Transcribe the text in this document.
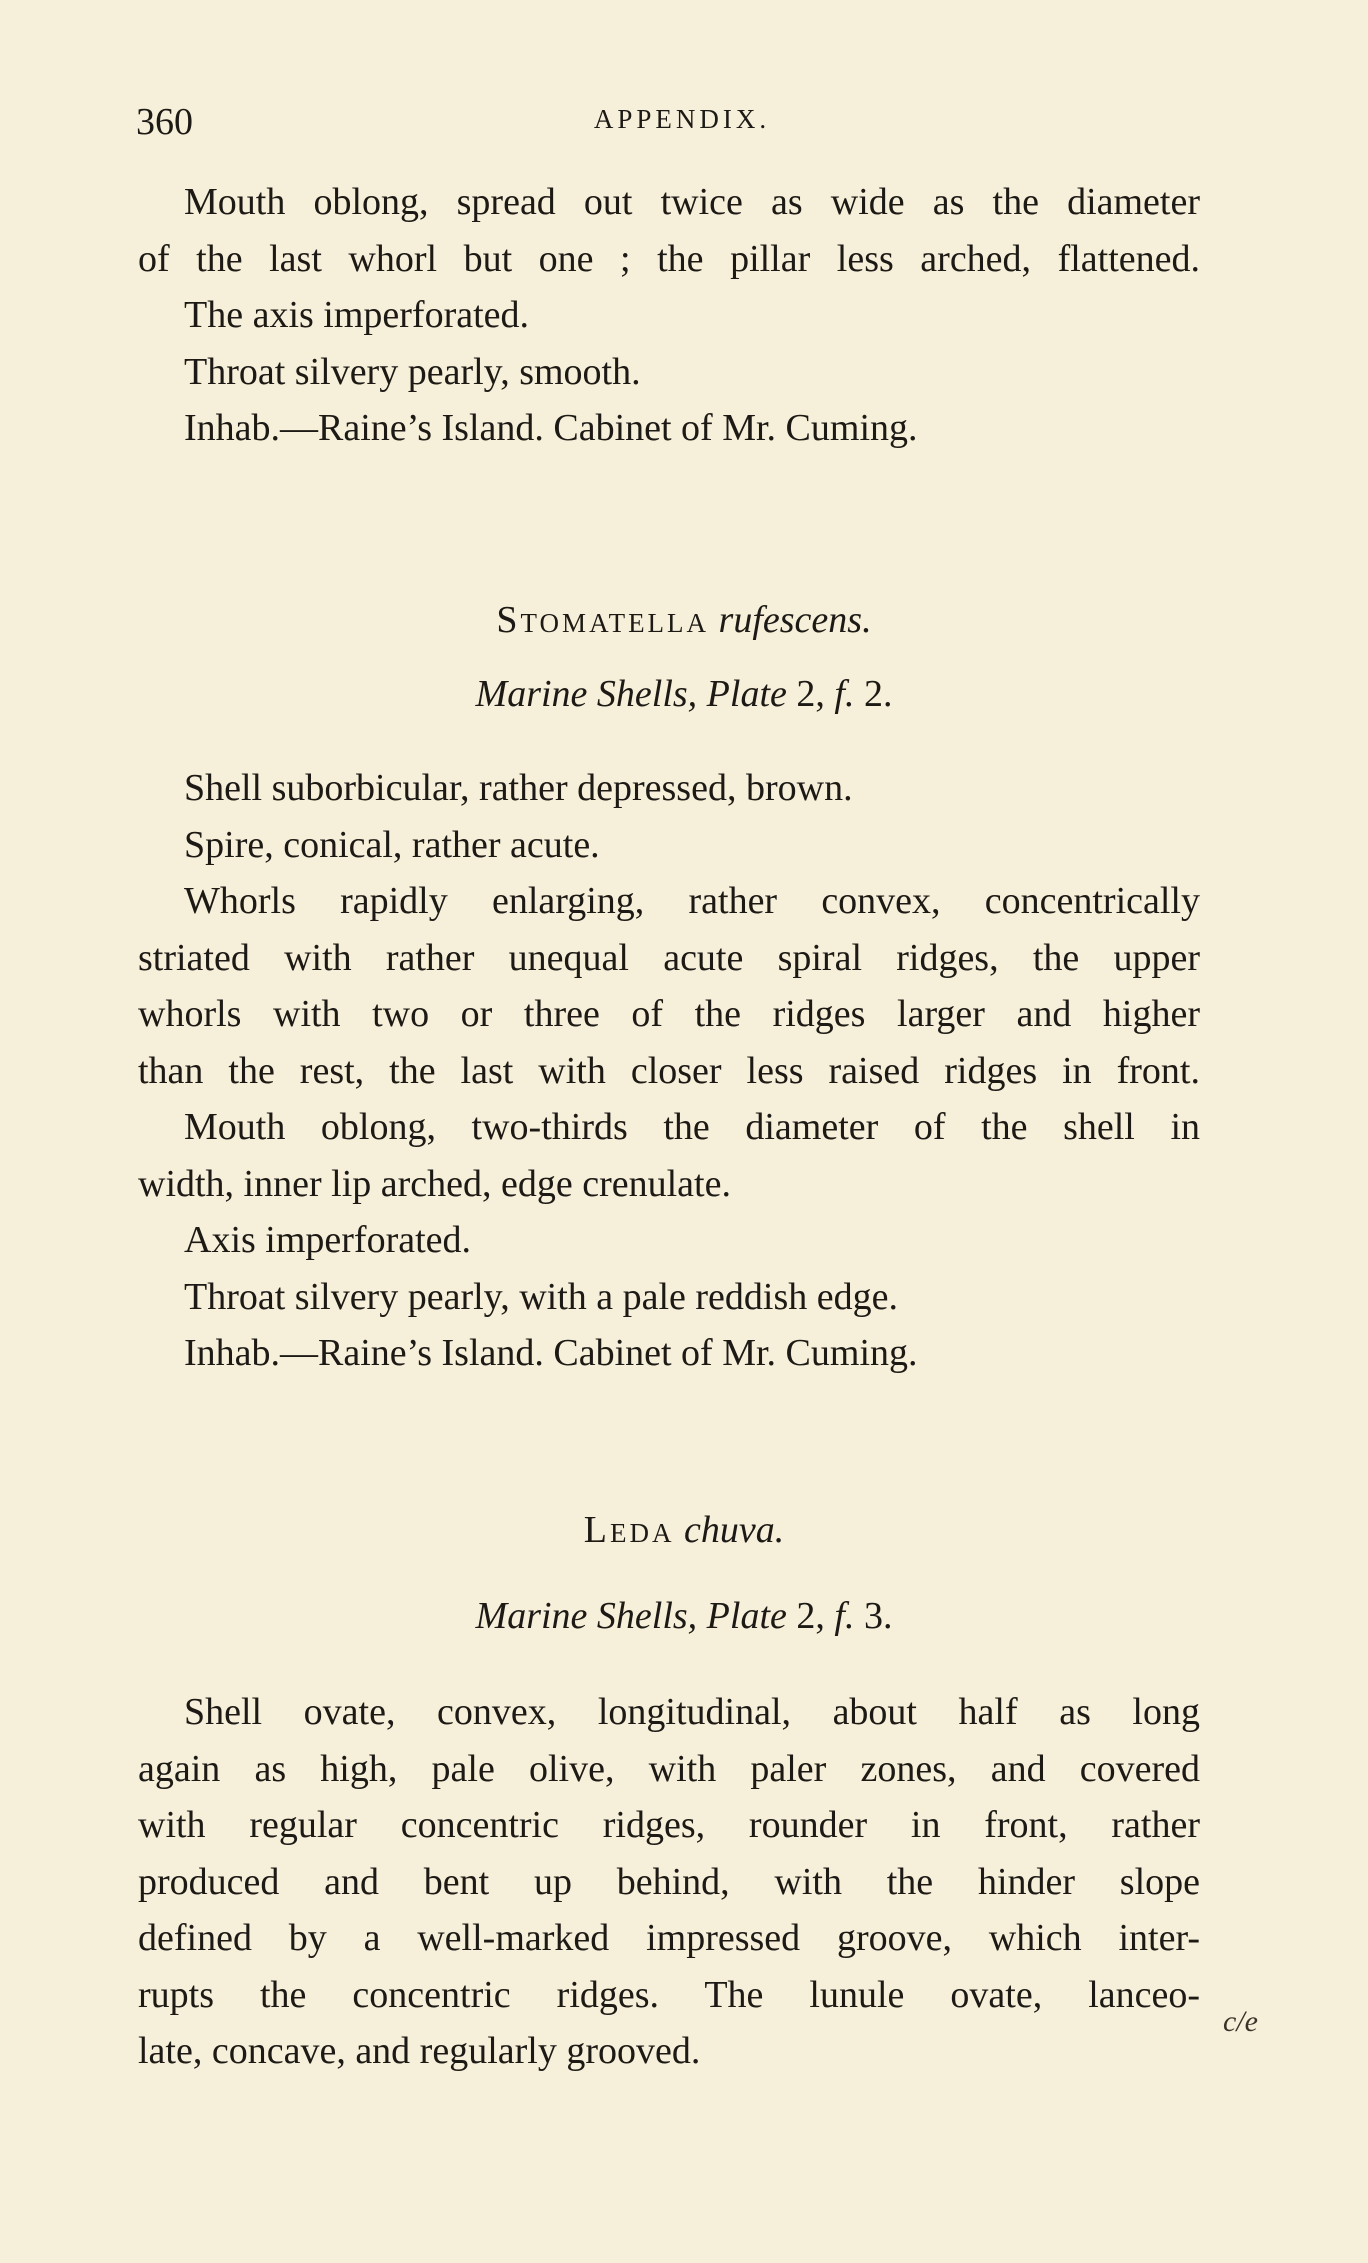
360	APPENDIX.
Mouth oblong, spread out twice as wide as the diameter
of the last whorl but one ; the pillar less arched, flattened.
The axis imperforated.
Throat silvery pearly, smooth.
Inhab.—Raine’s Island. Cabinet of Mr. Cuming.
Stomatella rufescens.
Marine Shells, Plate 2, f. 2.
Shell suborbicular, rather depressed, brown.
Spire, conical, rather acute.
Whorls rapidly enlarging, rather convex, concentrically
striated with rather unequal acute spiral ridges, the upper
whorls with two or three of the ridges larger and higher
than the rest, the last with closer less raised ridges in front.
Mouth oblong, two-thirds the diameter of the shell in
width, inner lip arched, edge crenulate.
Axis imperforated.
Throat silvery pearly, with a pale reddish edge.
Inhab.—Raine’s Island. Cabinet of Mr. Cuming.
Leda chuva.
Marine Shells, Plate 2, f. 3.
Shell ovate, convex, longitudinal, about half as long
again as high, pale olive, with paler zones, and covered
with regular concentric ridges, rounder in front, rather
produced and bent up behind, with the hinder slope
defined by a well-marked impressed groove, which inter-
rupts the concentric ridges. The lunule ovate, lanceo-
late, concave, and regularly grooved.
c/e
